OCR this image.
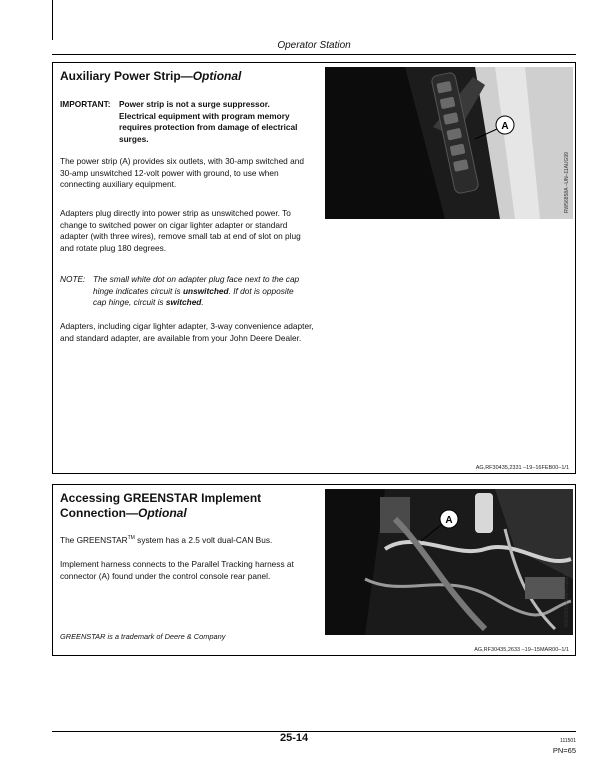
Operator Station
Auxiliary Power Strip—Optional
IMPORTANT: Power strip is not a surge suppressor. Electrical equipment with program memory requires protection from damage of electrical surges.
The power strip (A) provides six outlets, with 30-amp switched and 30-amp unswitched 12-volt power with ground, to use when connecting auxiliary equipment.
Adapters plug directly into power strip as unswitched power. To change to switched power on cigar lighter adapter or standard adapter (with three wires), remove small tab at end of slot on plug and rotate plug 180 degrees.
NOTE: The small white dot on adapter plug face next to the cap hinge indicates circuit is unswitched. If dot is opposite cap hinge, circuit is switched.
Adapters, including cigar lighter adapter, 3-way convenience adapter, and standard adapter, are available from your John Deere Dealer.
A
RW56858A –UN–11AUG99
AG,RF30435,2331 –19–16FEB00–1/1
Accessing GREENSTAR Implement
Connection—Optional
The GREENSTAR™ system has a 2.5 volt dual-CAN Bus.
Implement harness connects to the Parallel Tracking harness at connector (A) found under the control console rear panel.
GREENSTAR is a trademark of Deere & Company
A
RW26899 –UN–07JUL00
AG,RF30435,2633 –19–15MAR00–1/1
25-14	111501
PN=65
